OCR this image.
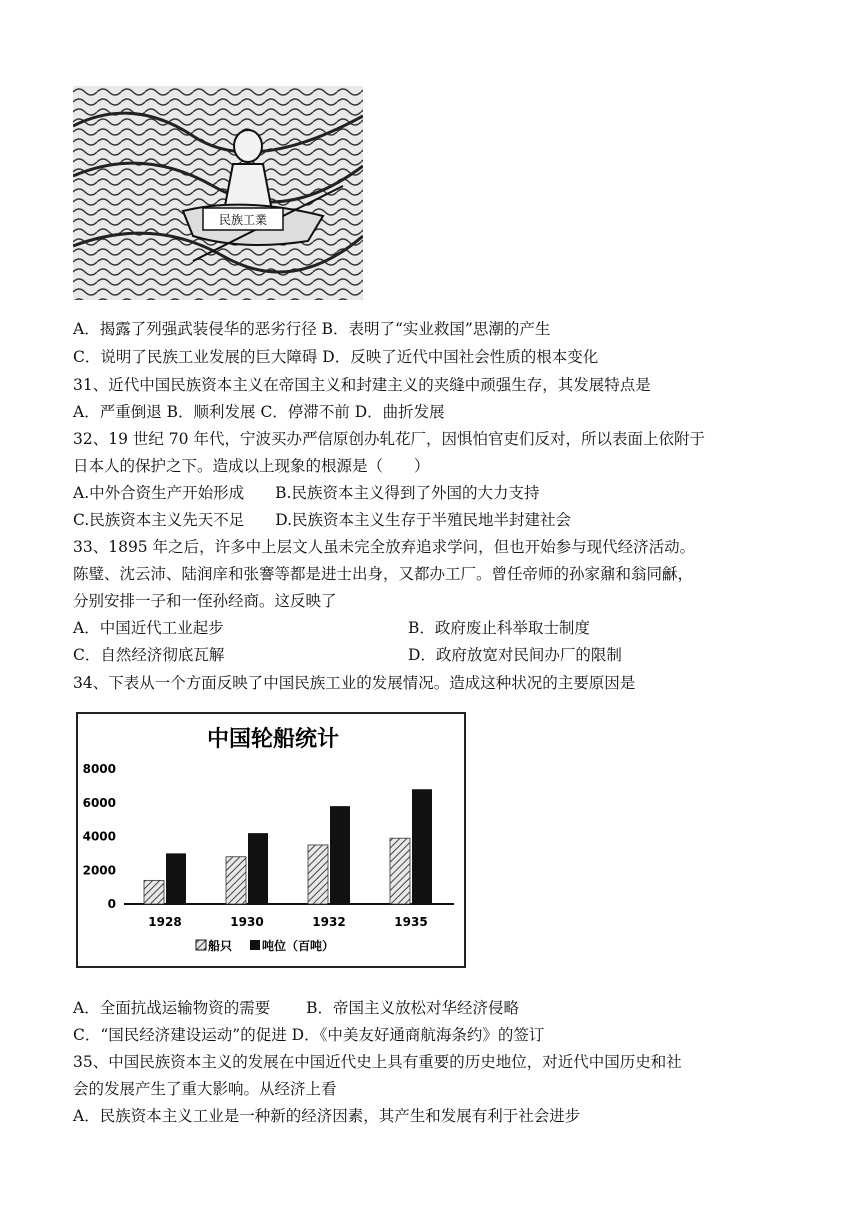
民族工業
A．揭露了列强武装侵华的恶劣行径 B．表明了“实业救国”思潮的产生
C．说明了民族工业发展的巨大障碍 D．反映了近代中国社会性质的根本变化
31、近代中国民族资本主义在帝国主义和封建主义的夹缝中顽强生存，其发展特点是
A．严重倒退 B．顺利发展 C．停滞不前 D．曲折发展
32、19 世纪 70 年代，宁波买办严信原创办轧花厂，因惧怕官吏们反对，所以表面上依附于
日本人的保护之下。造成以上现象的根源是（　　）
A.中外合资生产开始形成　　B.民族资本主义得到了外国的大力支持
C.民族资本主义先天不足　　D.民族资本主义生存于半殖民地半封建社会
33、1895 年之后，许多中上层文人虽未完全放弃追求学问，但也开始参与现代经济活动。
陈璧、沈云沛、陆润庠和张謇等都是进士出身，又都办工厂。曾任帝师的孙家鼐和翁同龢，
分别安排一子和一侄孙经商。这反映了
A．中国近代工业起步	B．政府废止科举取士制度
C．自然经济彻底瓦解	D．政府放宽对民间办厂的限制
34、下表从一个方面反映了中国民族工业的发展情况。造成这种状况的主要原因是
中国轮船统计
0
2000
4000
6000
8000
1928	1930	1932	1935
船只 吨位（百吨）
A．全面抗战运输物资的需要　　 B．帝国主义放松对华经济侵略
C．“国民经济建设运动”的促进 D．《中美友好通商航海条约》的签订
35、中国民族资本主义的发展在中国近代史上具有重要的历史地位，对近代中国历史和社
会的发展产生了重大影响。从经济上看
A．民族资本主义工业是一种新的经济因素，其产生和发展有利于社会进步
